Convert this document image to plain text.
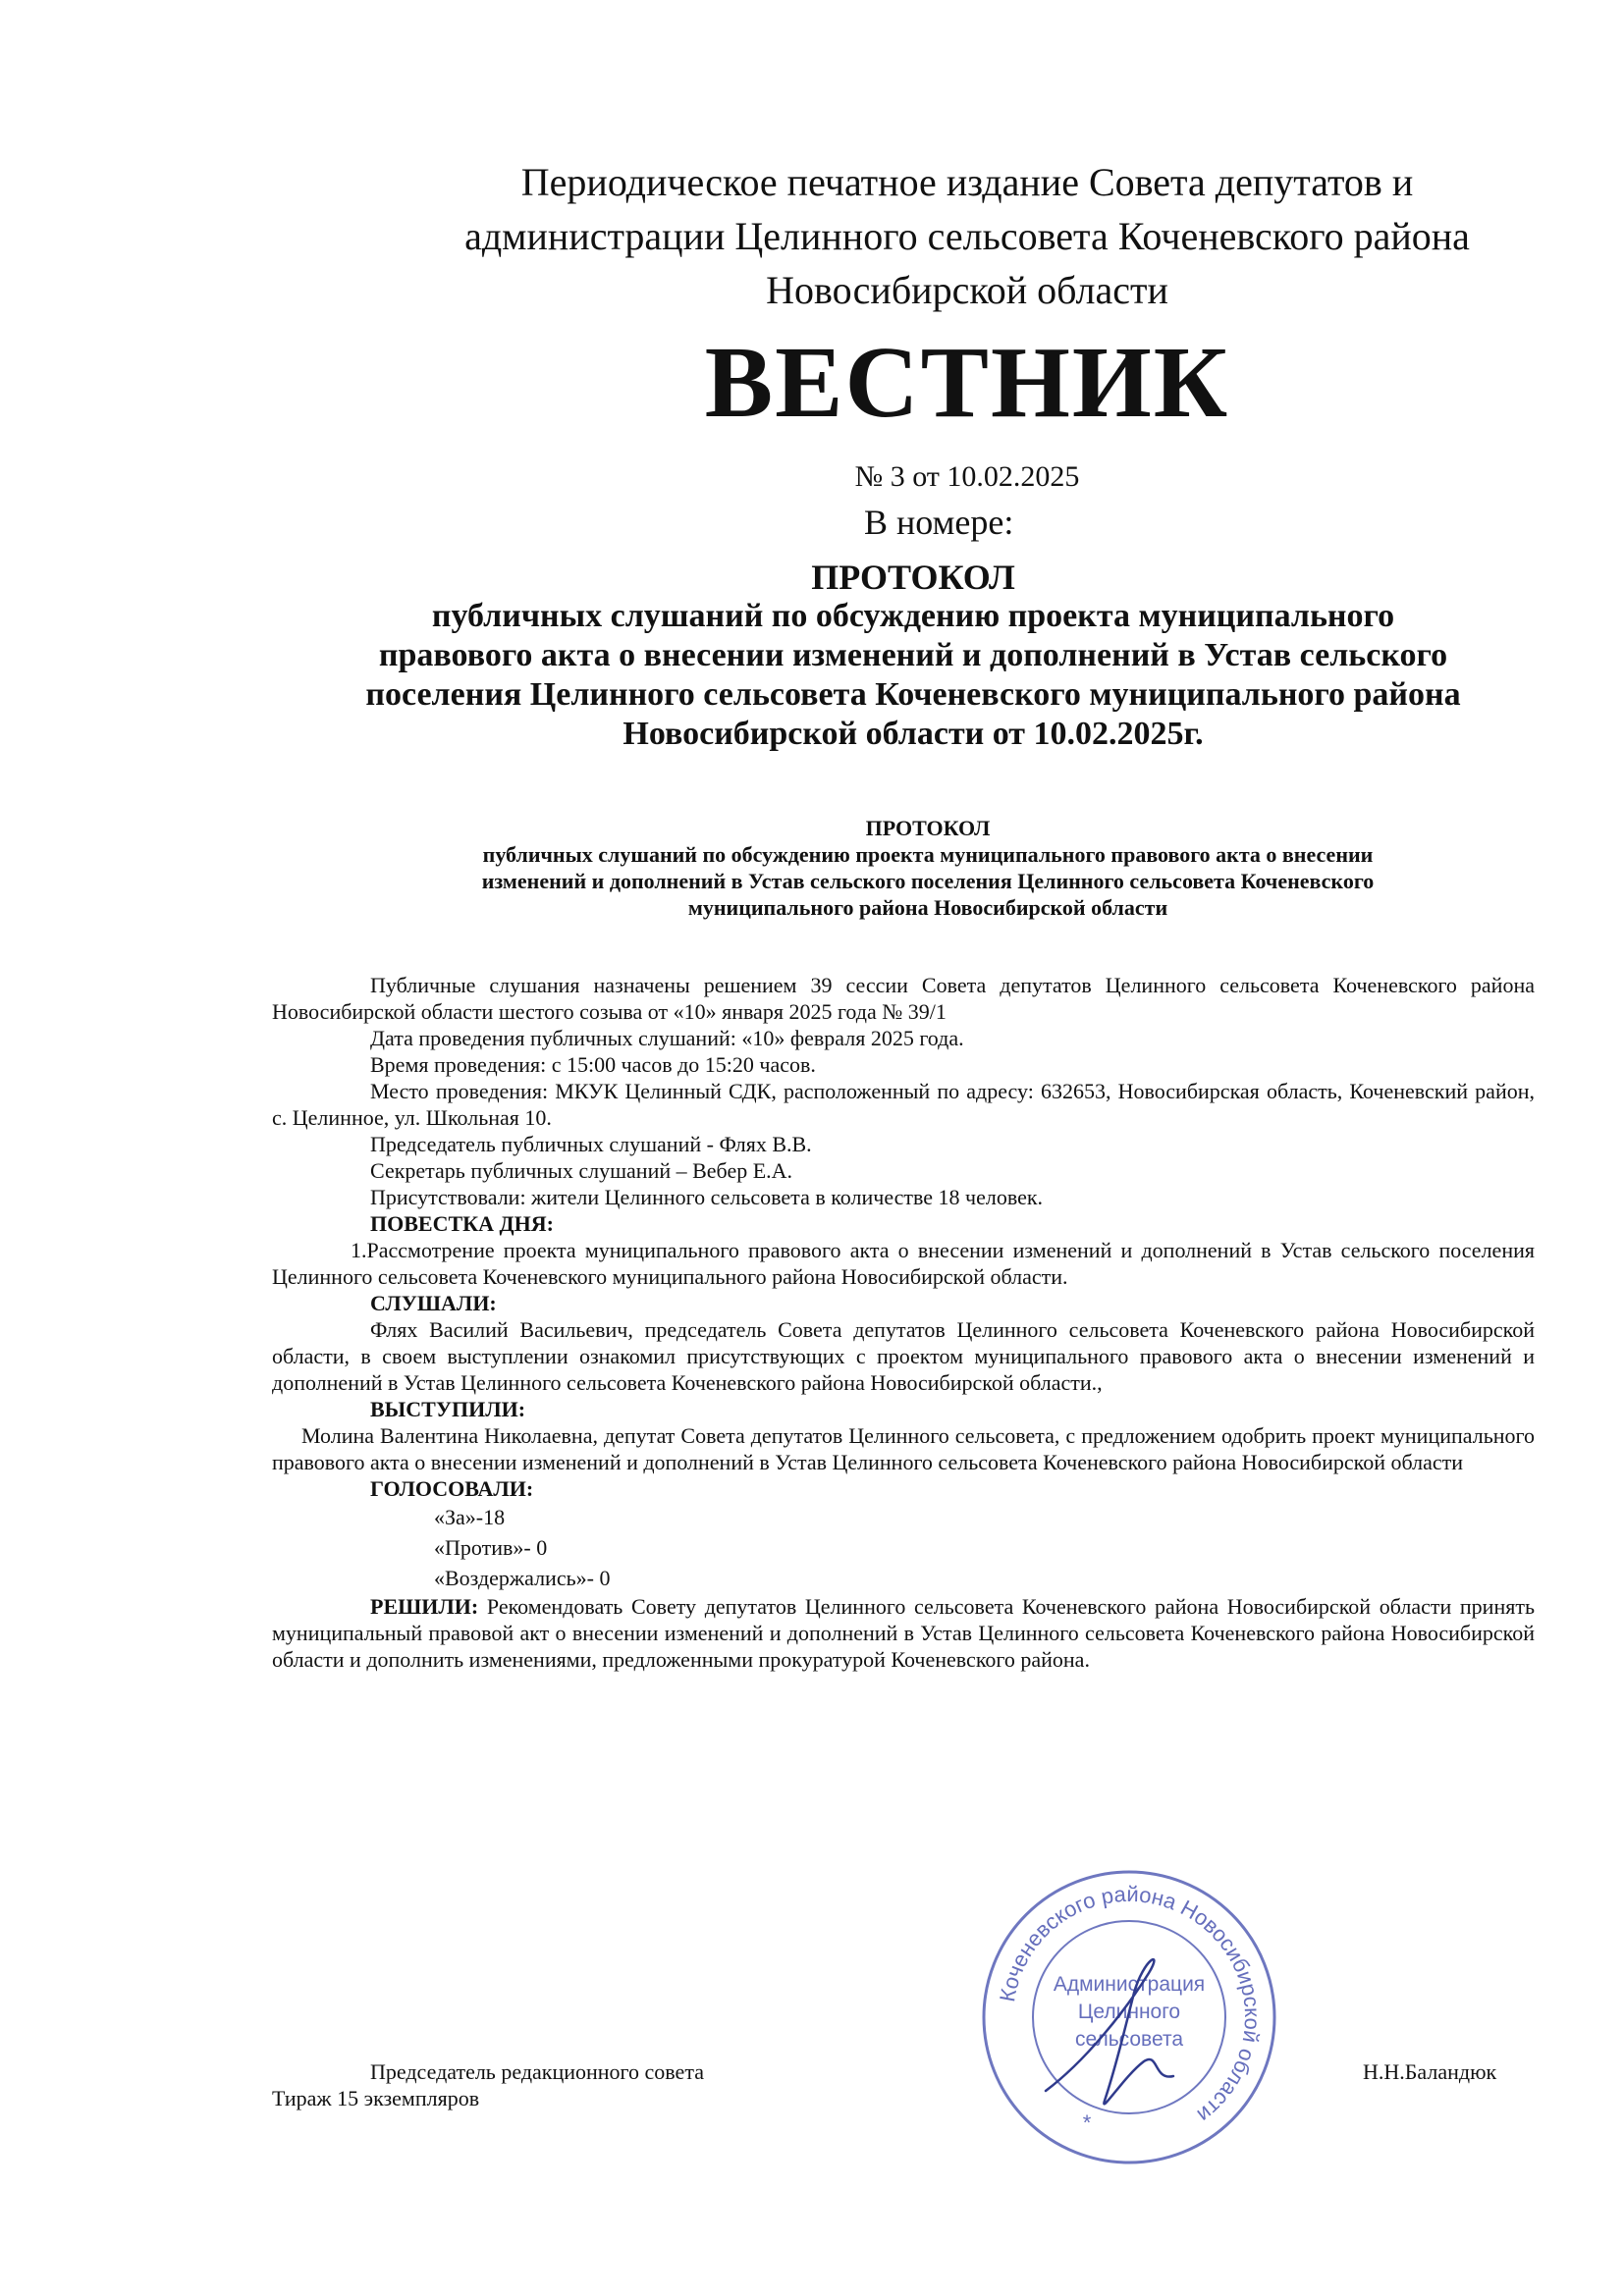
Периодическое печатное издание Совета депутатов и
администрации Целинного сельсовета Коченевского района
Новосибирской области
ВЕСТНИК
№ 3 от 10.02.2025
В номере:
ПРОТОКОЛ
публичных слушаний по обсуждению проекта муниципального
правового акта о внесении изменений и дополнений в Устав сельского
поселения Целинного сельсовета Коченевского муниципального района
Новосибирской области от 10.02.2025г.
ПРОТОКОЛ
публичных слушаний по обсуждению проекта муниципального правового акта о внесении
изменений и дополнений в Устав сельского поселения Целинного сельсовета Коченевского
муниципального района Новосибирской области

Публичные слушания назначены решением 39 сессии Совета депутатов Целинного сельсовета Коченевского района Новосибирской области шестого созыва от «10» января 2025 года № 39/1

Дата проведения публичных слушаний: «10» февраля 2025 года.

Время проведения: с 15:00 часов до 15:20 часов.

Место проведения: МКУК Целинный СДК, расположенный по адресу: 632653, Новосибирская область, Коченевский район, с. Целинное, ул. Школьная 10.

Председатель публичных слушаний - Флях В.В.

Секретарь публичных слушаний – Вебер Е.А.

Присутствовали: жители Целинного сельсовета в количестве 18 человек.

ПОВЕСТКА ДНЯ:

1.Рассмотрение проекта муниципального правового акта о внесении изменений и дополнений в Устав сельского поселения Целинного сельсовета Коченевского муниципального района Новосибирской области.

СЛУШАЛИ:

Флях Василий Васильевич, председатель Совета депутатов Целинного сельсовета Коченевского района Новосибирской области, в своем выступлении ознакомил присутствующих с проектом муниципального правового акта о внесении изменений и дополнений в Устав Целинного сельсовета Коченевского района Новосибирской области.,

ВЫСТУПИЛИ:

Молина Валентина Николаевна, депутат Совета депутатов Целинного сельсовета, с предложением одобрить проект муниципального правового акта о внесении изменений и дополнений в Устав Целинного сельсовета Коченевского района Новосибирской области

ГОЛОСОВАЛИ:

«За»-18

«Против»- 0

«Воздержались»- 0

РЕШИЛИ: Рекомендовать Совету депутатов Целинного сельсовета Коченевского района Новосибирской области принять муниципальный правовой акт о внесении изменений и дополнений в Устав Целинного сельсовета Коченевского района Новосибирской области и дополнить изменениями, предложенными прокуратурой Коченевского района.

Коченевского района Новосибирской области
Администрация
Целинного
сельсовета
*
Председатель редакционного совета	Н.Н.Баландюк
Тираж 15 экземпляров
